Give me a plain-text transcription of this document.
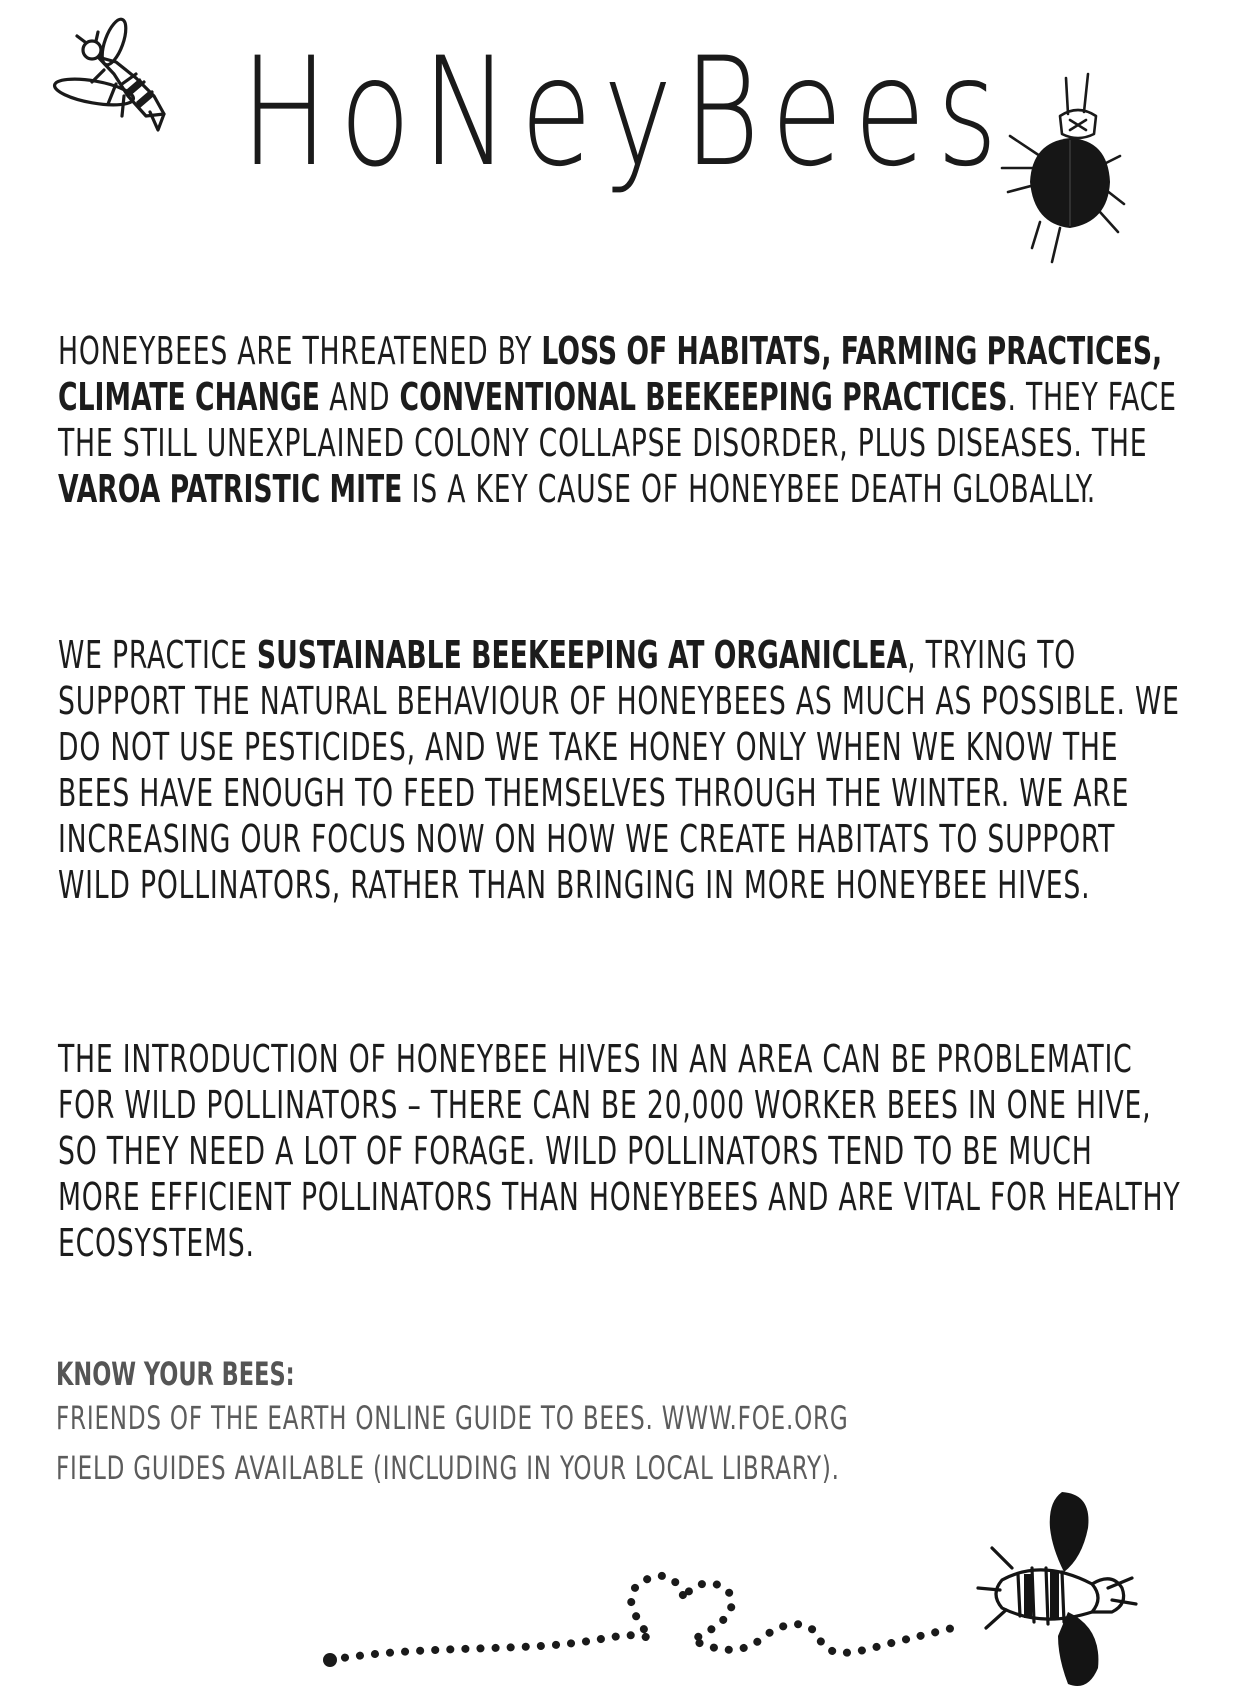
HoNeyBees
HONEYBEES ARE THREATENED BY LOSS OF HABITATS, FARMING PRACTICES, CLIMATE CHANGE AND CONVENTIONAL BEEKEEPING PRACTICES. THEY FACE THE STILL UNEXPLAINED COLONY COLLAPSE DISORDER, PLUS DISEASES. THE VAROA PATRISTIC MITE IS A KEY CAUSE OF HONEYBEE DEATH GLOBALLY.
WE PRACTICE SUSTAINABLE BEEKEEPING AT ORGANICLEA, TRYING TO SUPPORT THE NATURAL BEHAVIOUR OF HONEYBEES AS MUCH AS POSSIBLE. WE DO NOT USE PESTICIDES, AND WE TAKE HONEY ONLY WHEN WE KNOW THE BEES HAVE ENOUGH TO FEED THEMSELVES THROUGH THE WINTER. WE ARE INCREASING OUR FOCUS NOW ON HOW WE CREATE HABITATS TO SUPPORT WILD POLLINATORS, RATHER THAN BRINGING IN MORE HONEYBEE HIVES.
THE INTRODUCTION OF HONEYBEE HIVES IN AN AREA CAN BE PROBLEMATIC FOR WILD POLLINATORS – THERE CAN BE 20,000 WORKER BEES IN ONE HIVE, SO THEY NEED A LOT OF FORAGE. WILD POLLINATORS TEND TO BE MUCH MORE EFFICIENT POLLINATORS THAN HONEYBEES AND ARE VITAL FOR HEALTHY ECOSYSTEMS.
KNOW YOUR BEES:
FRIENDS OF THE EARTH ONLINE GUIDE TO BEES. WWW.FOE.ORG
FIELD GUIDES AVAILABLE (INCLUDING IN YOUR LOCAL LIBRARY).
